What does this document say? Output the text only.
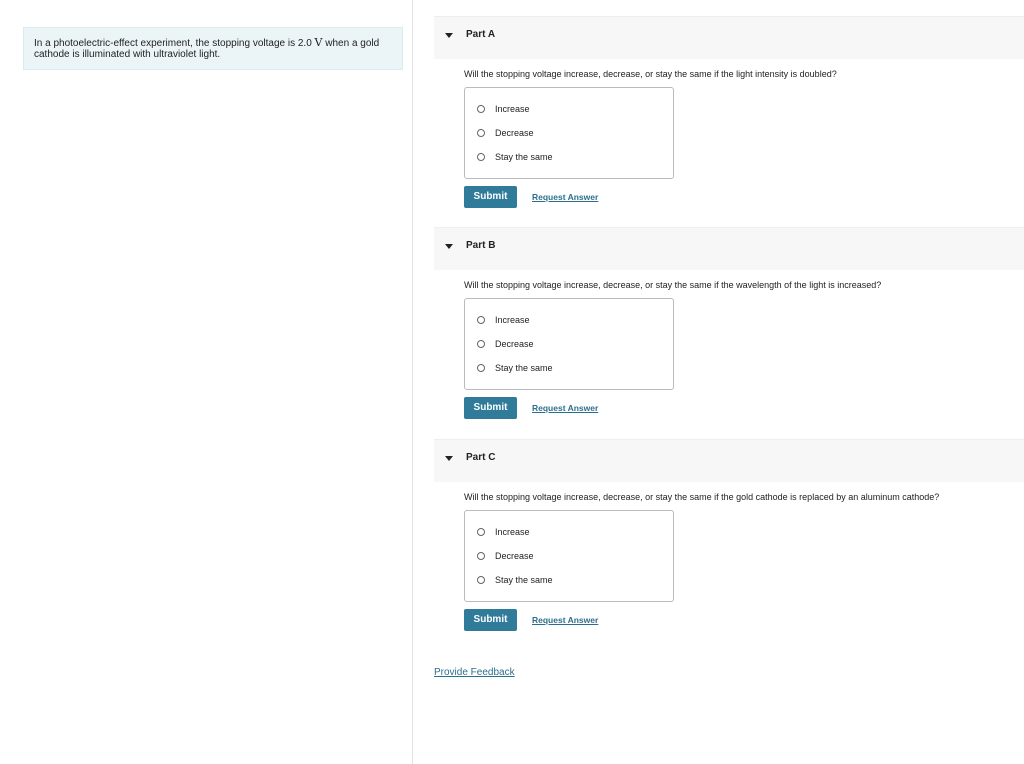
In a photoelectric-effect experiment, the stopping voltage is 2.0 V when a gold cathode is illuminated with ultraviolet light.
Part A
Will the stopping voltage increase, decrease, or stay the same if the light intensity is doubled?
Increase
Decrease
Stay the same
Submit	Request Answer
Part B
Will the stopping voltage increase, decrease, or stay the same if the wavelength of the light is increased?
Increase
Decrease
Stay the same
Submit	Request Answer
Part C
Will the stopping voltage increase, decrease, or stay the same if the gold cathode is replaced by an aluminum cathode?
Increase
Decrease
Stay the same
Submit	Request Answer
Provide Feedback
